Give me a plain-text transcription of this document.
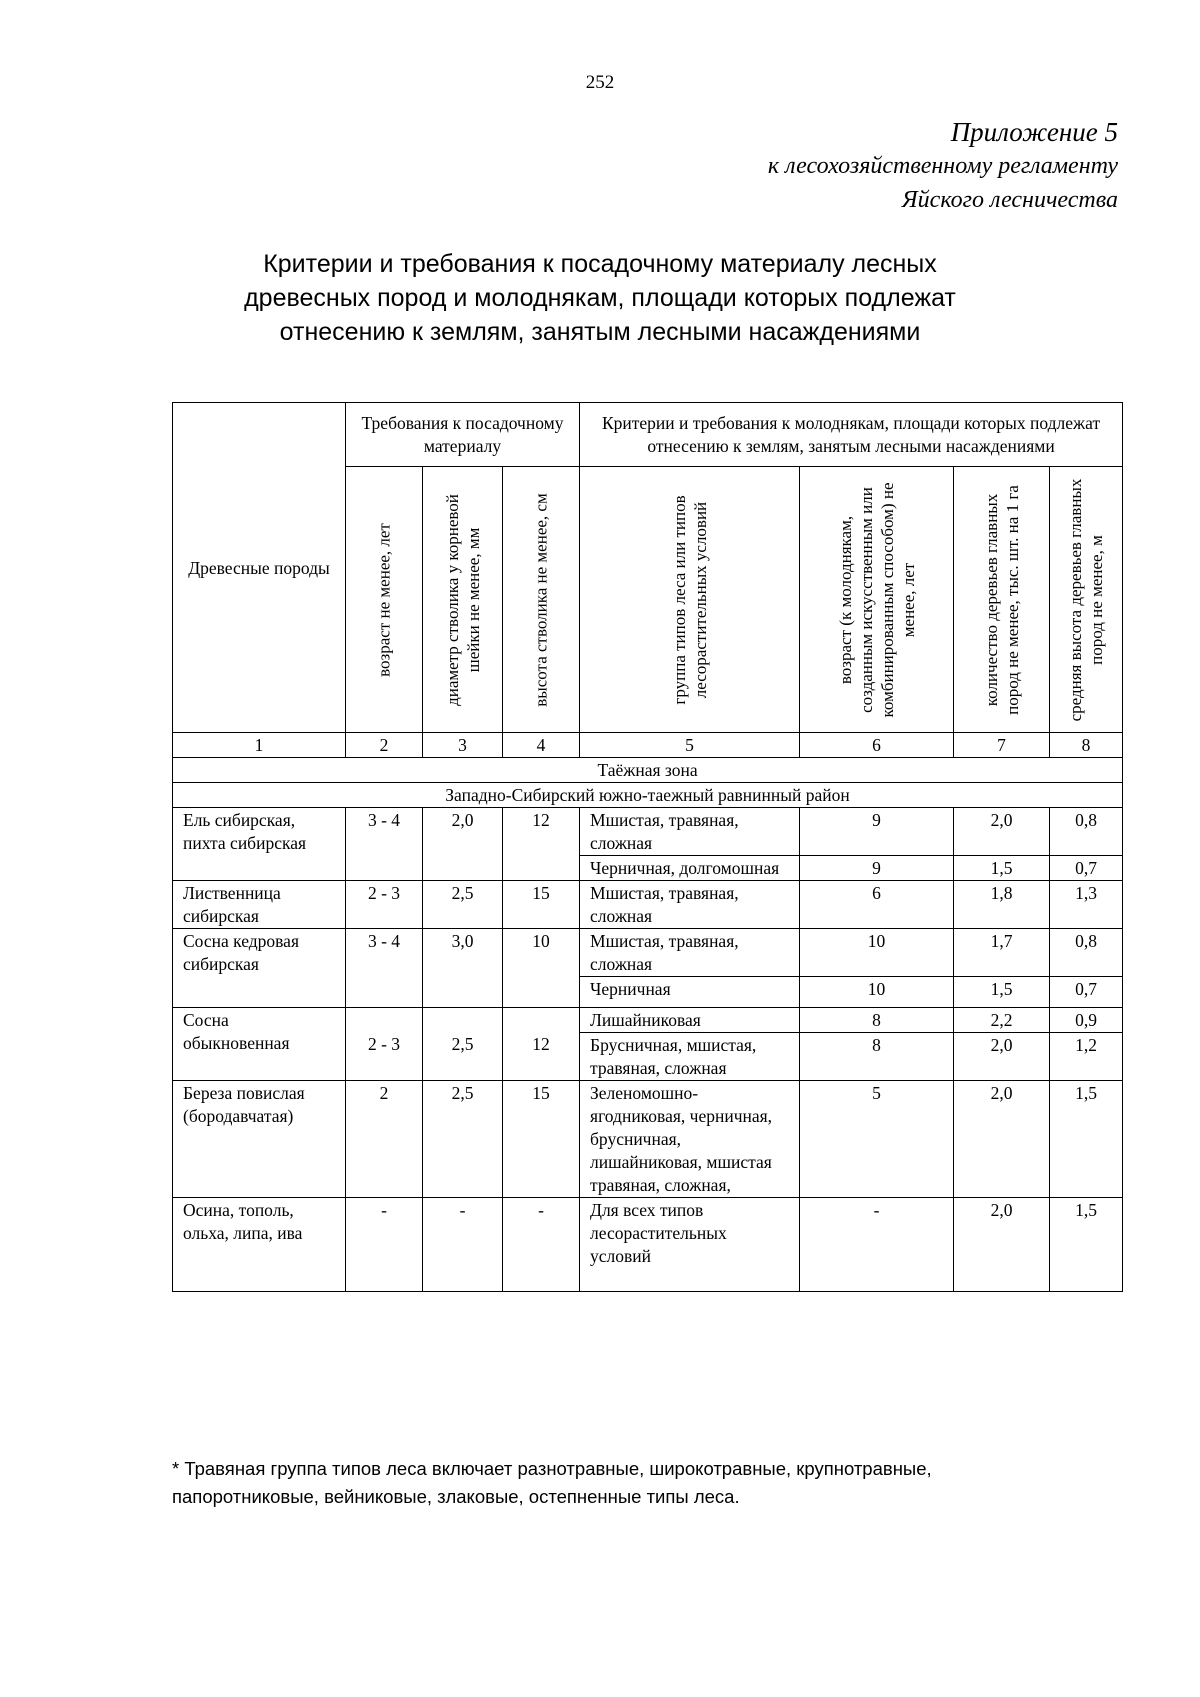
252
Приложение 5
к лесохозяйственному регламенту
Яйского лесничества
Критерии и требования к посадочному материалу лесных
древесных пород и молоднякам, площади которых подлежат
отнесению к землям, занятым лесными насаждениями
Древесные породы	Требования к посадочному материалу			Критерии и требования к молоднякам, площади которых подлежат отнесению к землям, занятым лесными насаждениями			

	возраст не менее, лет	диаметр стволика у корневой шейки не менее, мм	высота стволика не менее, см	группа типов леса или типов лесорастительных условий	возраст (к молоднякам, созданным искусственным или комбинированным способом) не менее, лет	количество деревьев главных пород не менее, тыс. шт. на 1 га	средняя высота деревьев главных пород не менее, м

1	2	3	4	5	6	7	8
Таёжная зона							
Западно-Сибирский южно-таежный равнинный район							
Ель сибирская, пихта сибирская	3 - 4	2,0	12	Мшистая, травяная, сложная	9	2,0	0,8
				Черничная, долгомошная	9	1,5	0,7
Лиственница сибирская	2 - 3	2,5	15	Мшистая, травяная, сложная	6	1,8	1,3
Сосна кедровая сибирская	3 - 4	3,0	10	Мшистая, травяная, сложная	10	1,7	0,8
				Черничная	10	1,5	0,7
Сосна обыкновенная	2 - 3	2,5	12	Лишайниковая	8	2,2	0,9
				Брусничная, мшистая, травяная, сложная	8	2,0	1,2
Береза повислая (бородавчатая)	2	2,5	15	Зеленомошно-ягодниковая, черничная, брусничная, лишайниковая, мшистая травяная, сложная,	5	2,0	1,5
Осина, тополь, ольха, липа, ива	-	-	-	Для всех типов лесорастительных условий	-	2,0	1,5
* Травяная группа типов леса включает разнотравные, широкотравные, крупнотравные,
папоротниковые, вейниковые, злаковые, остепненные типы леса.
